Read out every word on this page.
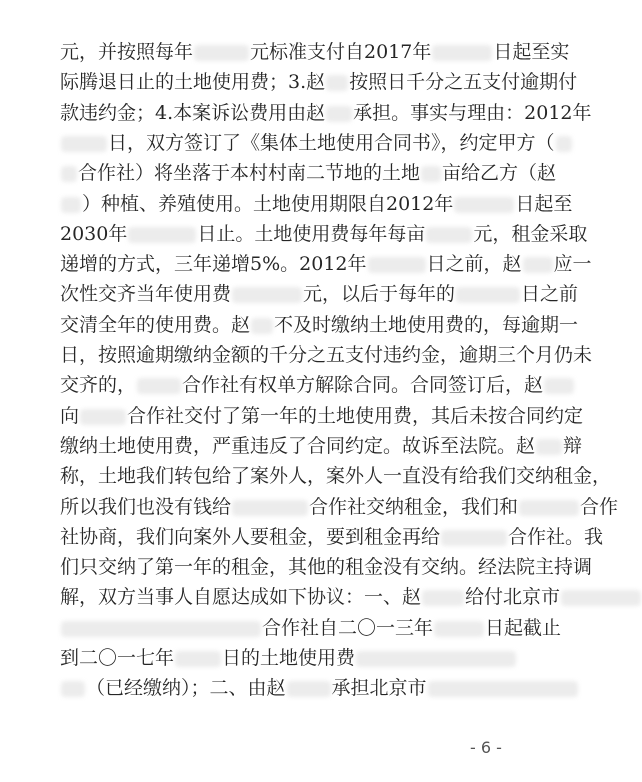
元，并按照每年	元标准支付自2017年	日起至实
际腾退日止的土地使用费；3.赵 按照日千分之五支付逾期付
款违约金；4.本案诉讼费用由赵 承担。事实与理由：2012年
日，双方签订了《集体土地使用合同书》，约定甲方（
合作社）将坐落于本村村南二节地的土地 亩给乙方（赵
）种植、养殖使用。土地使用期限自2012年	日起至
2030年	日止。土地使用费每年每亩	元，租金采取
递增的方式，三年递增5%。2012年	日之前，赵 应一
次性交齐当年使用费	元，以后于每年的	日之前
交清全年的使用费。赵 不及时缴纳土地使用费的，每逾期一
日，按照逾期缴纳金额的千分之五支付违约金，逾期三个月仍未
交齐的， 合作社有权单方解除合同。合同签订后，赵
向	合作社交付了第一年的土地使用费，其后未按合同约定
缴纳土地使用费，严重违反了合同约定。故诉至法院。赵 辩
称，土地我们转包给了案外人，案外人一直没有给我们交纳租金，
所以我们也没有钱给	合作社交纳租金，我们和	合作
社协商，我们向案外人要租金，要到租金再给	合作社。我
们只交纳了第一年的租金，其他的租金没有交纳。经法院主持调
解，双方当事人自愿达成如下协议：一、赵 给付北京市
合作社自二〇一三年	日起截止
到二〇一七年	日的土地使用费
（已经缴纳）；二、由赵 承担北京市
- 6 -
